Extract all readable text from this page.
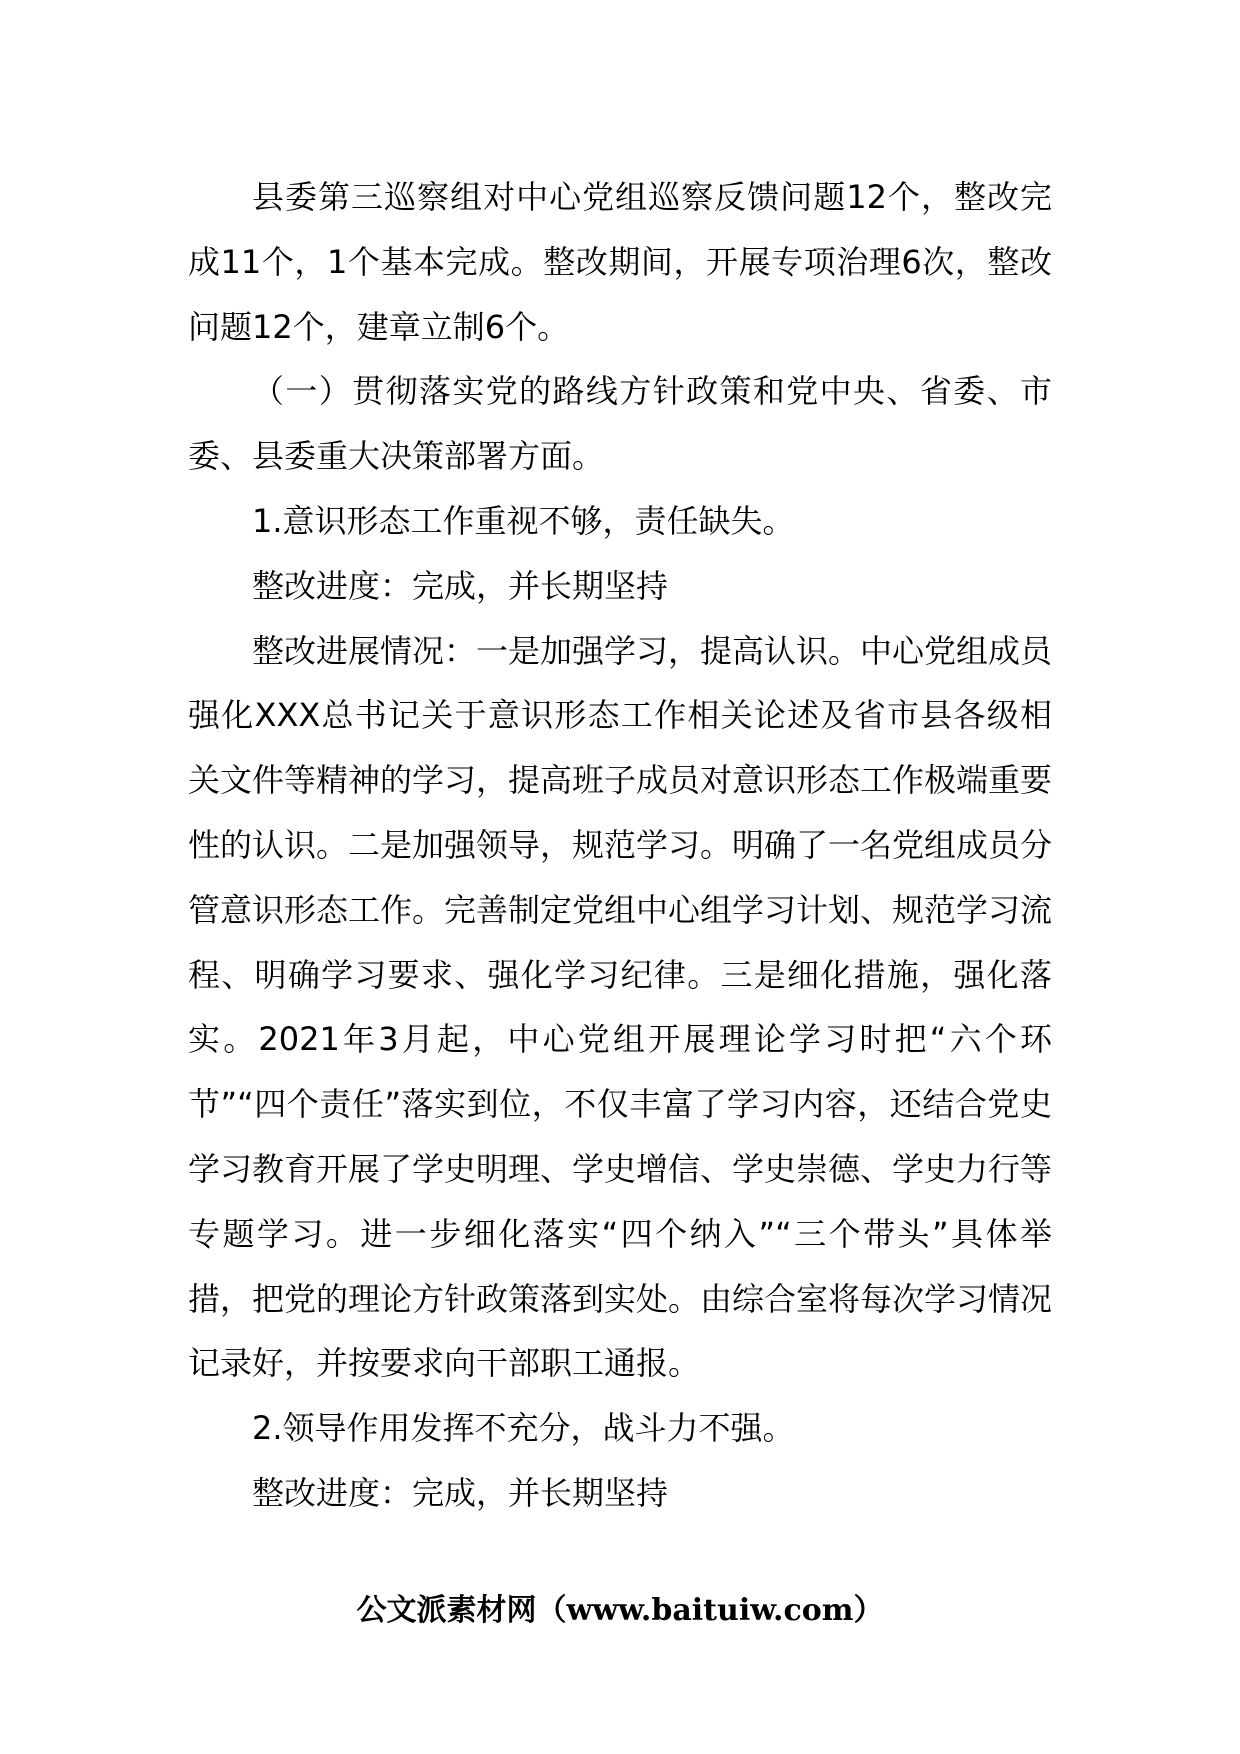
县委第三巡察组对中心党组巡察反馈问题12个，整改完成11个，1个基本完成。整改期间，开展专项治理6次，整改问题12个，建章立制6个。

（一）贯彻落实党的路线方针政策和党中央、省委、市委、县委重大决策部署方面。

1.意识形态工作重视不够，责任缺失。

整改进度：完成，并长期坚持

整改进展情况：一是加强学习，提高认识。中心党组成员强化XXX总书记关于意识形态工作相关论述及省市县各级相关文件等精神的学习，提高班子成员对意识形态工作极端重要性的认识。二是加强领导，规范学习。明确了一名党组成员分管意识形态工作。完善制定党组中心组学习计划、规范学习流程、明确学习要求、强化学习纪律。三是细化措施，强化落实。2021年3月起，中心党组开展理论学习时把“六个环节”“四个责任”落实到位，不仅丰富了学习内容，还结合党史学习教育开展了学史明理、学史增信、学史崇德、学史力行等专题学习。进一步细化落实“四个纳入”“三个带头”具体举措，把党的理论方针政策落到实处。由综合室将每次学习情况记录好，并按要求向干部职工通报。

2.领导作用发挥不充分，战斗力不强。

整改进度：完成，并长期坚持

公文派素材网（www.baituiw.com）
